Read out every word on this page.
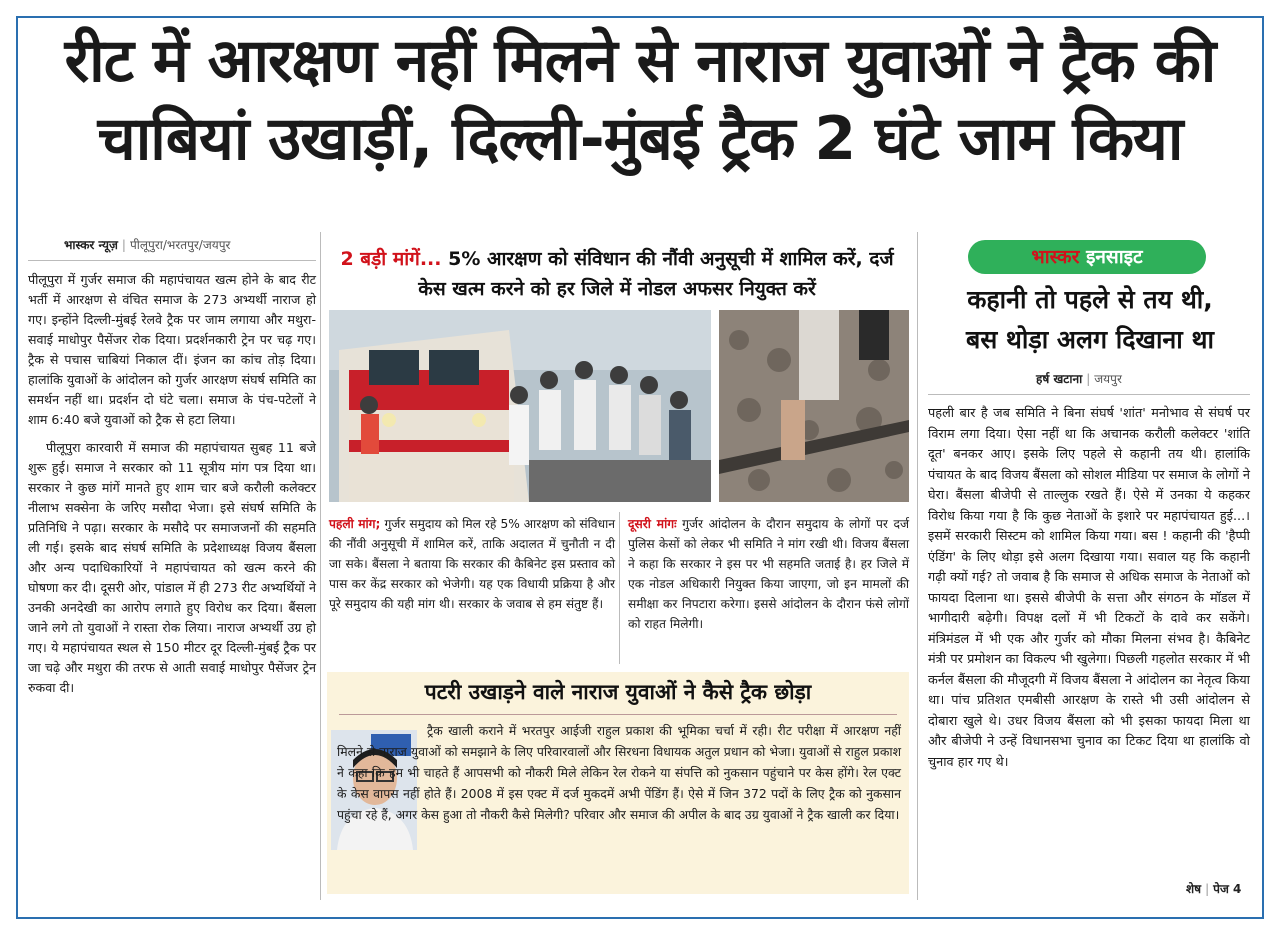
रीट में आरक्षण नहीं मिलने से नाराज युवाओं ने ट्रैक की
चाबियां उखाड़ीं, दिल्ली-मुंबई ट्रैक 2 घंटे जाम किया
भास्कर न्यूज़ | पीलूपुरा/भरतपुर/जयपुर

पीलूपुरा में गुर्जर समाज की महापंचायत खत्म होने के बाद रीट भर्ती में आरक्षण से वंचित समाज के 273 अभ्यर्थी नाराज हो गए। इन्होंने दिल्ली-मुंबई रेलवे ट्रैक पर जाम लगाया और मथुरा-सवाई माधोपुर पैसेंजर रोक दिया। प्रदर्शनकारी ट्रेन पर चढ़ गए। ट्रैक से पचास चाबियां निकाल दीं। इंजन का कांच तोड़ दिया। हालांकि युवाओं के आंदोलन को गुर्जर आरक्षण संघर्ष समिति का समर्थन नहीं था। प्रदर्शन दो घंटे चला। समाज के पंच-पटेलों ने शाम 6:40 बजे युवाओं को ट्रैक से हटा लिया।

पीलूपुरा कारवारी में समाज की महापंचायत सुबह 11 बजे शुरू हुई। समाज ने सरकार को 11 सूत्रीय मांग पत्र दिया था। सरकार ने कुछ मांगें मानते हुए शाम चार बजे करौली कलेक्टर नीलाभ सक्सेना के जरिए मसौदा भेजा। इसे संघर्ष समिति के प्रतिनिधि ने पढ़ा। सरकार के मसौदे पर समाजजनों की सहमति ली गई। इसके बाद संघर्ष समिति के प्रदेशाध्यक्ष विजय बैंसला और अन्य पदाधिकारियों ने महापंचायत को खत्म करने की घोषणा कर दी। दूसरी ओर, पांडाल में ही 273 रीट अभ्यर्थियों ने उनकी अनदेखी का आरोप लगाते हुए विरोध कर दिया। बैंसला जाने लगे तो युवाओं ने रास्ता रोक लिया। नाराज अभ्यर्थी उग्र हो गए। ये महापंचायत स्थल से 150 मीटर दूर दिल्ली-मुंबई ट्रैक पर जा चढ़े और मथुरा की तरफ से आती सवाई माधोपुर पैसेंजर ट्रेन रुकवा दी।

2 बड़ी मांगें... 5% आरक्षण को संविधान की नौंवी अनुसूची में शामिल करें, दर्ज केस खत्म करने को हर जिले में नोडल अफसर नियुक्त करें
पहली मांग; गुर्जर समुदाय को मिल रहे 5% आरक्षण को संविधान की नौंवी अनुसूची में शामिल करें, ताकि अदालत में चुनौती न दी जा सके। बैंसला ने बताया कि सरकार की कैबिनेट इस प्रस्ताव को पास कर केंद्र सरकार को भेजेगी। यह एक विधायी प्रक्रिया है और पूरे समुदाय की यही मांग थी। सरकार के जवाब से हम संतुष्ट हैं।
दूसरी मांगः गुर्जर आंदोलन के दौरान समुदाय के लोगों पर दर्ज पुलिस केसों को लेकर भी समिति ने मांग रखी थी। विजय बैंसला ने कहा कि सरकार ने इस पर भी सहमति जताई है। हर जिले में एक नोडल अधिकारी नियुक्त किया जाएगा, जो इन मामलों की समीक्षा कर निपटारा करेगा। इससे आंदोलन के दौरान फंसे लोगों को राहत मिलेगी।
पटरी उखाड़ने वाले नाराज युवाओं ने कैसे ट्रैक छोड़ा
ट्रैक खाली कराने में भरतपुर आईजी राहुल प्रकाश की भूमिका चर्चा में रही। रीट परीक्षा में आरक्षण नहीं मिलने से नाराज युवाओं को समझाने के लिए परिवारवालों और सिरधना विधायक अतुल प्रधान को भेजा। युवाओं से राहुल प्रकाश ने कहा कि हम भी चाहते हैं आपसभी को नौकरी मिले लेकिन रेल रोकने या संपत्ति को नुकसान पहुंचाने पर केस होंगे। रेल एक्ट के केस वापस नहीं होते हैं। 2008 में इस एक्ट में दर्ज मुकदमें अभी पेंडिंग हैं। ऐसे में जिन 372 पदों के लिए ट्रैक को नुकसान पहुंचा रहे हैं, अगर केस हुआ तो नौकरी कैसे मिलेगी? परिवार और समाज की अपील के बाद उग्र युवाओं ने ट्रैक खाली कर दिया।
भास्कर इनसाइट
कहानी तो पहले से तय थी,
बस थोड़ा अलग दिखाना था
हर्ष खटाना | जयपुर
पहली बार है जब समिति ने बिना संघर्ष 'शांत' मनोभाव से संघर्ष पर विराम लगा दिया। ऐसा नहीं था कि अचानक करौली कलेक्टर 'शांति दूत' बनकर आए। इसके लिए पहले से कहानी तय थी। हालांकि पंचायत के बाद विजय बैंसला को सोशल मीडिया पर समाज के लोगों ने घेरा। बैंसला बीजेपी से ताल्लुक रखते हैं। ऐसे में उनका ये कहकर विरोध किया गया है कि कुछ नेताओं के इशारे पर महापंचायत हुई...। इसमें सरकारी सिस्टम को शामिल किया गया। बस ! कहानी की 'हैप्पी एंडिंग' के लिए थोड़ा इसे अलग दिखाया गया। सवाल यह कि कहानी गढ़ी क्यों गई? तो जवाब है कि समाज से अधिक समाज के नेताओं को फायदा दिलाना था। इससे बीजेपी के सत्ता और संगठन के मॉडल में भागीदारी बढ़ेगी। विपक्ष दलों में भी टिकटों के दावे कर सकेंगे। मंत्रिमंडल में भी एक और गुर्जर को मौका मिलना संभव है। कैबिनेट मंत्री पर प्रमोशन का विकल्प भी खुलेगा। पिछली गहलोत सरकार में भी कर्नल बैंसला की मौजूदगी में विजय बैंसला ने आंदोलन का नेतृत्व किया था। पांच प्रतिशत एमबीसी आरक्षण के रास्ते भी उसी आंदोलन से दोबारा खुले थे। उधर विजय बैंसला को भी इसका फायदा मिला था और बीजेपी ने उन्हें विधानसभा चुनाव का टिकट दिया था हालांकि वो चुनाव हार गए थे।
शेष | पेज 4
